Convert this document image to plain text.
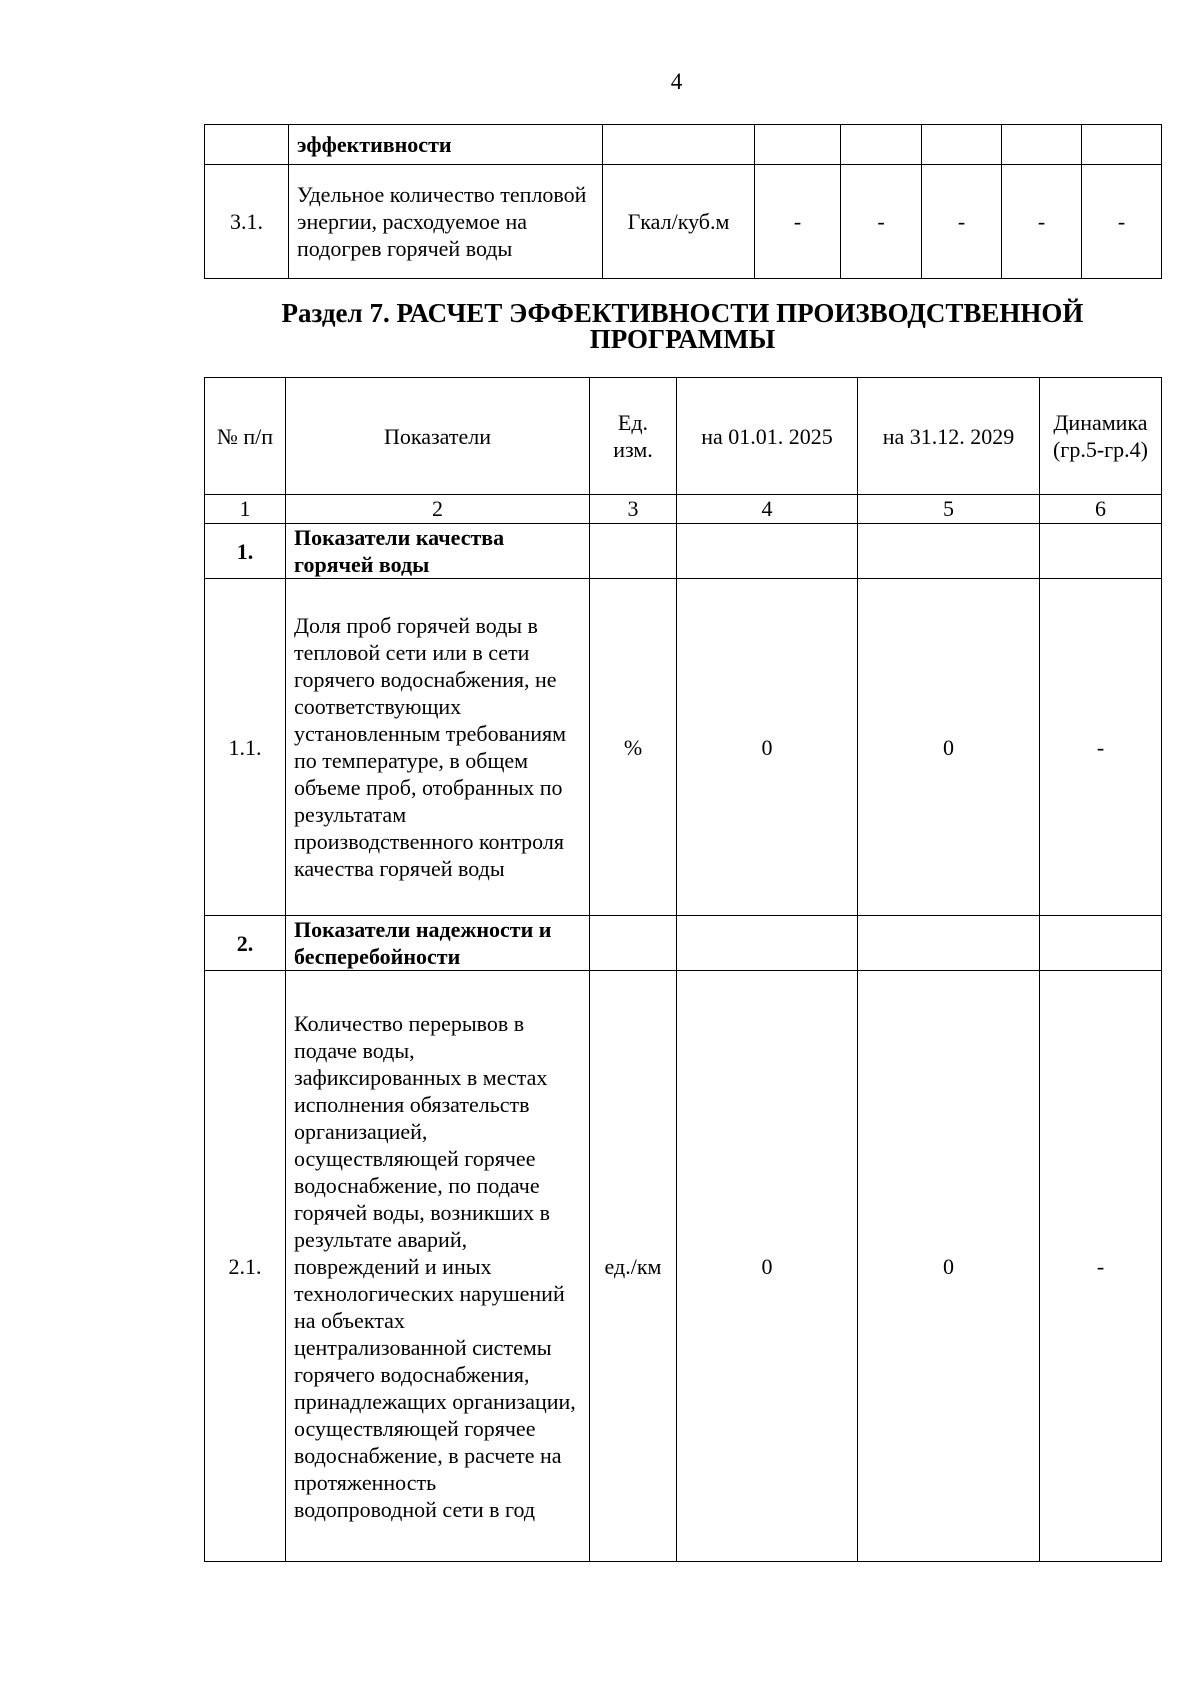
4
	эффективности						
3.1.	Удельное количество тепловой энергии, расходуемое на подогрев горячей воды	Гкал/куб.м	-	-	-	-	-
Раздел 7. РАСЧЕТ ЭФФЕКТИВНОСТИ ПРОИЗВОДСТВЕННОЙ
ПРОГРАММЫ
№ п/п	Показатели	Ед. изм.	на 01.01. 2025	на 31.12. 2029	Динамика (гр.5-гр.4)
1	2	3	4	5	6
1.	Показатели качества горячей воды				
1.1.	Доля проб горячей воды в тепловой сети или в сети горячего водоснабжения, не соответствующих установленным требованиям по температуре, в общем объеме проб, отобранных по результатам производственного контроля качества горячей воды	%	0	0	-
2.	Показатели надежности и бесперебойности				
2.1.	Количество перерывов в подаче воды, зафиксированных в местах исполнения обязательств организацией, осуществляющей горячее водоснабжение, по подаче горячей воды, возникших в результате аварий, повреждений и иных технологических нарушений на объектах централизованной системы горячего водоснабжения, принадлежащих организации, осуществляющей горячее водоснабжение, в расчете на протяженность водопроводной сети в год	ед./км	0	0	-
